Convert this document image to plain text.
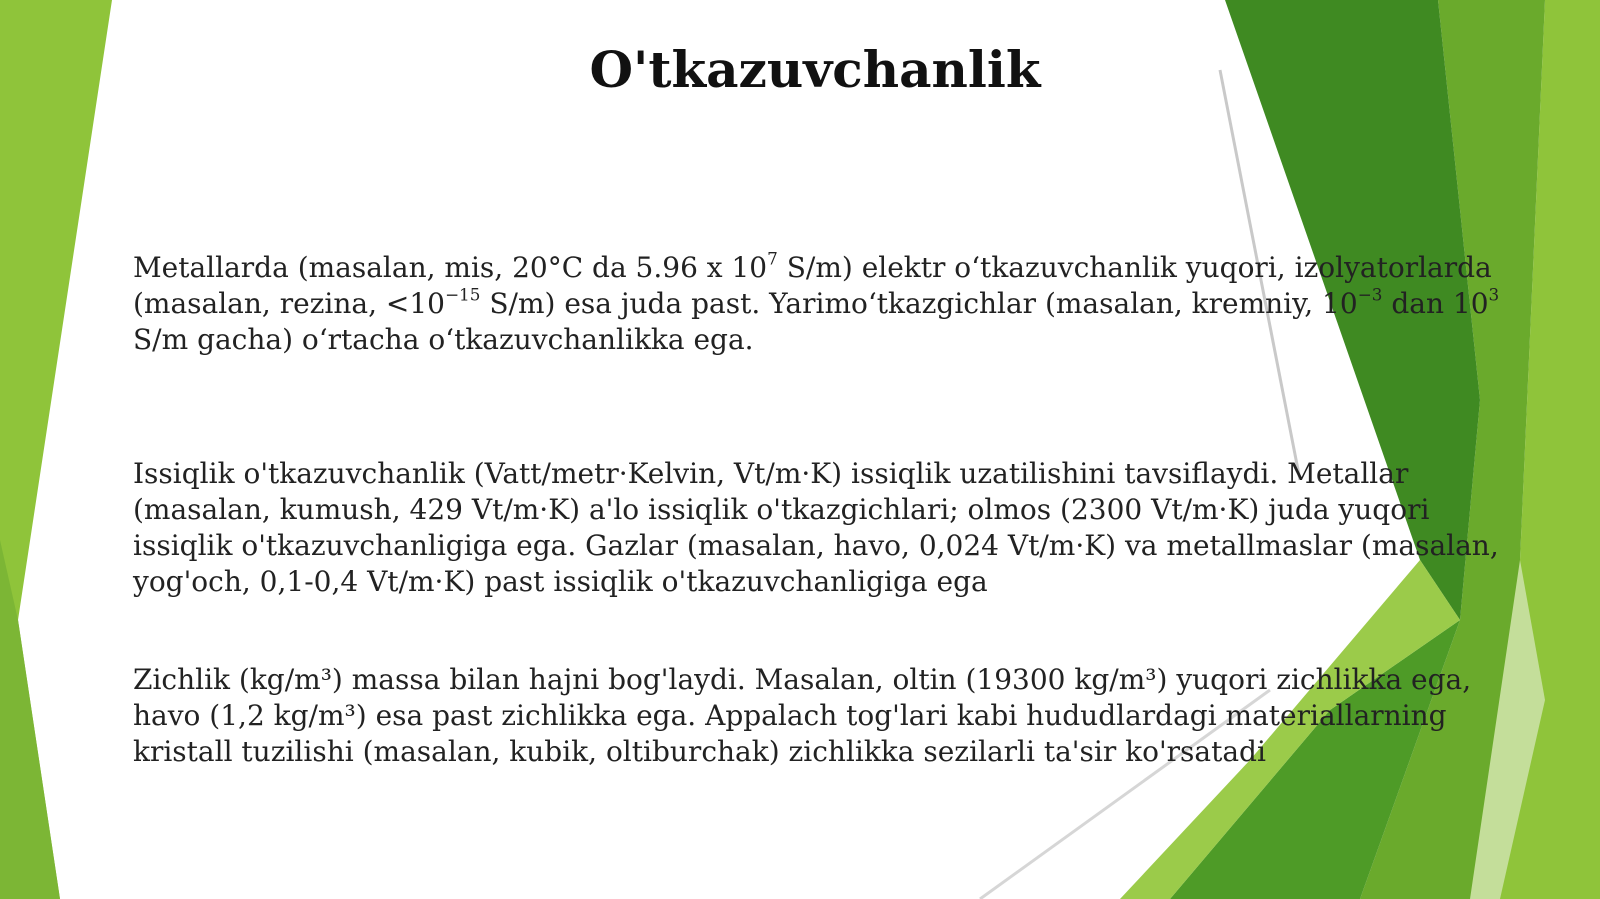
O'tkazuvchanlik
Metallarda (masalan, mis, 20°C da 5.96 x $10^7$ S/m) elektr o‘tkazuvchanlik yuqori, izolyatorlarda (masalan, rezina, $<10^{-15}$ S/m) esa juda past. Yarimo‘tkazgichlar (masalan, kremniy, $10^{-3}$ dan $10^3$ S/m gacha) o‘rtacha o‘tkazuvchanlikka ega.
Issiqlik o'tkazuvchanlik (Vatt/metr·Kelvin, Vt/m·K) issiqlik uzatilishini tavsiflaydi. Metallar (masalan, kumush, 429 Vt/m·K) a'lo issiqlik o'tkazgichlari; olmos (2300 Vt/m·K) juda yuqori issiqlik o'tkazuvchanligiga ega. Gazlar (masalan, havo, 0,024 Vt/m·K) va metallmaslar (masalan, yog'och, 0,1-0,4 Vt/m·K) past issiqlik o'tkazuvchanligiga ega
Zichlik (kg/m³) massa bilan hajni bog'laydi. Masalan, oltin (19300 kg/m³) yuqori zichlikka ega, havo (1,2 kg/m³) esa past zichlikka ega. Appalach tog'lari kabi hududlardagi materiallarning kristall tuzilishi (masalan, kubik, oltiburchak) zichlikka sezilarli ta'sir ko'rsatadi
